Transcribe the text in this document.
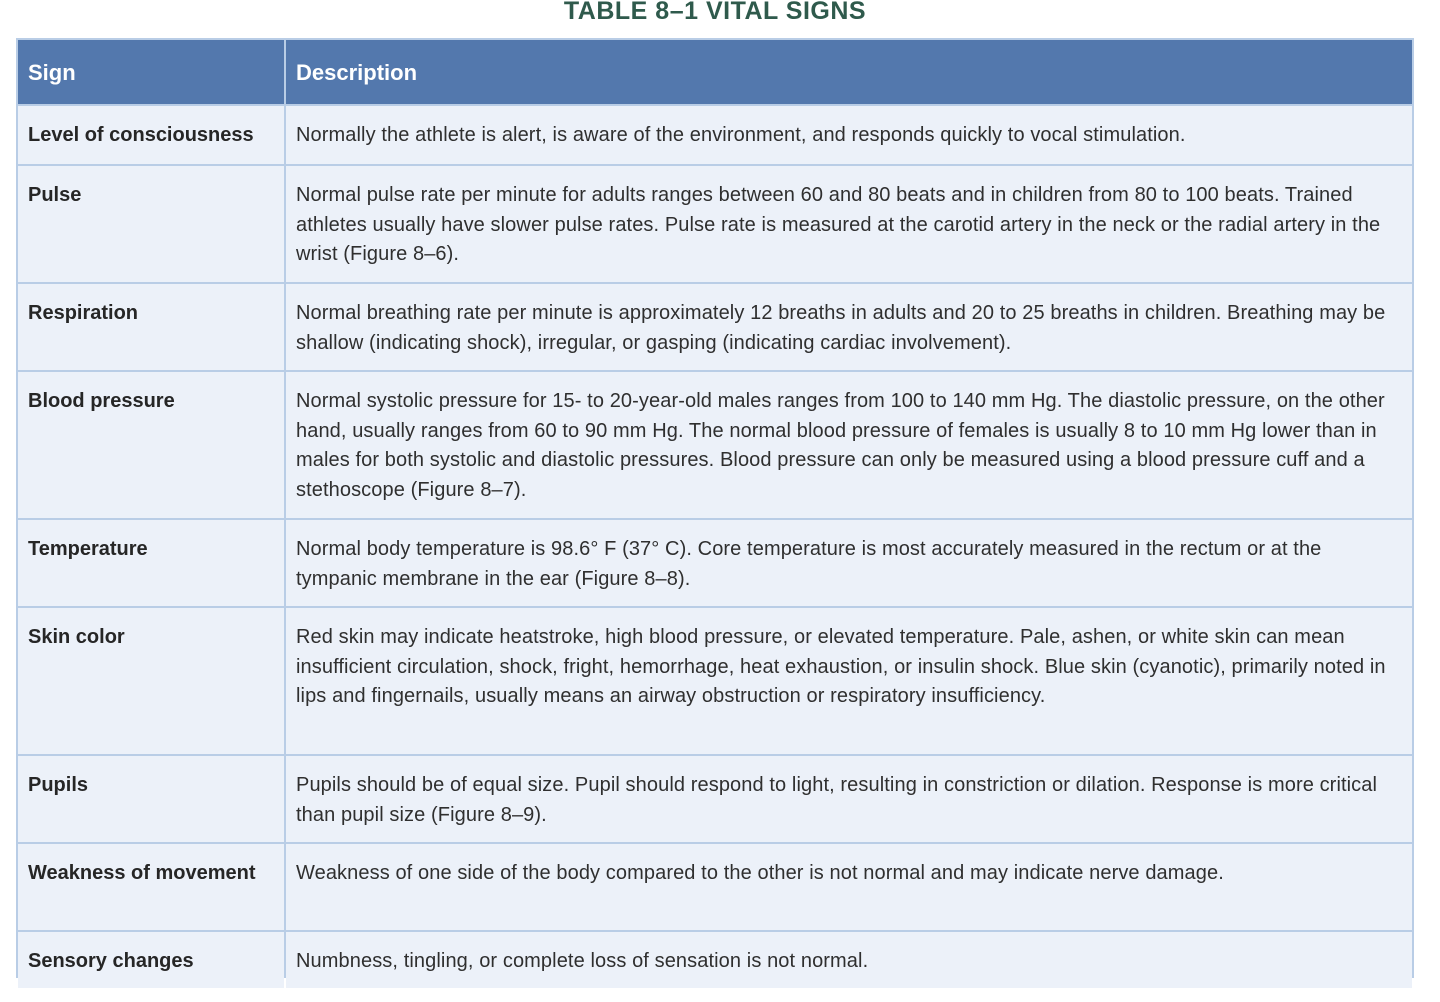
TABLE 8–1 VITAL SIGNS
Sign	Description
Level of consciousness	Normally the athlete is alert, is aware of the environment, and responds quickly to vocal stimulation.
Pulse	Normal pulse rate per minute for adults ranges between 60 and 80 beats and in children from 80 to 100 beats. Trained athletes usually have slower pulse rates. Pulse rate is measured at the carotid artery in the neck or the radial artery in the wrist (Figure 8–6).
Respiration	Normal breathing rate per minute is approximately 12 breaths in adults and 20 to 25 breaths in children. Breathing may be shallow (indicating shock), irregular, or gasping (indicating cardiac involvement).
Blood pressure	Normal systolic pressure for 15- to 20-year-old males ranges from 100 to 140 mm Hg. The diastolic pressure, on the other hand, usually ranges from 60 to 90 mm Hg. The normal blood pressure of females is usually 8 to 10 mm Hg lower than in males for both systolic and diastolic pressures. Blood pressure can only be measured using a blood pressure cuff and a stethoscope (Figure 8–7).
Temperature	Normal body temperature is 98.6° F (37° C). Core temperature is most accurately measured in the rectum or at the tympanic membrane in the ear (Figure 8–8).
Skin color	Red skin may indicate heatstroke, high blood pressure, or elevated temperature. Pale, ashen, or white skin can mean insufficient circulation, shock, fright, hemorrhage, heat exhaustion, or insulin shock. Blue skin (cyanotic), primarily noted in lips and fingernails, usually means an airway obstruction or respiratory insufficiency.
Pupils	Pupils should be of equal size. Pupil should respond to light, resulting in constriction or dilation. Response is more critical than pupil size (Figure 8–9).
Weakness of movement	Weakness of one side of the body compared to the other is not normal and may indicate nerve damage.
Sensory changes	Numbness, tingling, or complete loss of sensation is not normal.
